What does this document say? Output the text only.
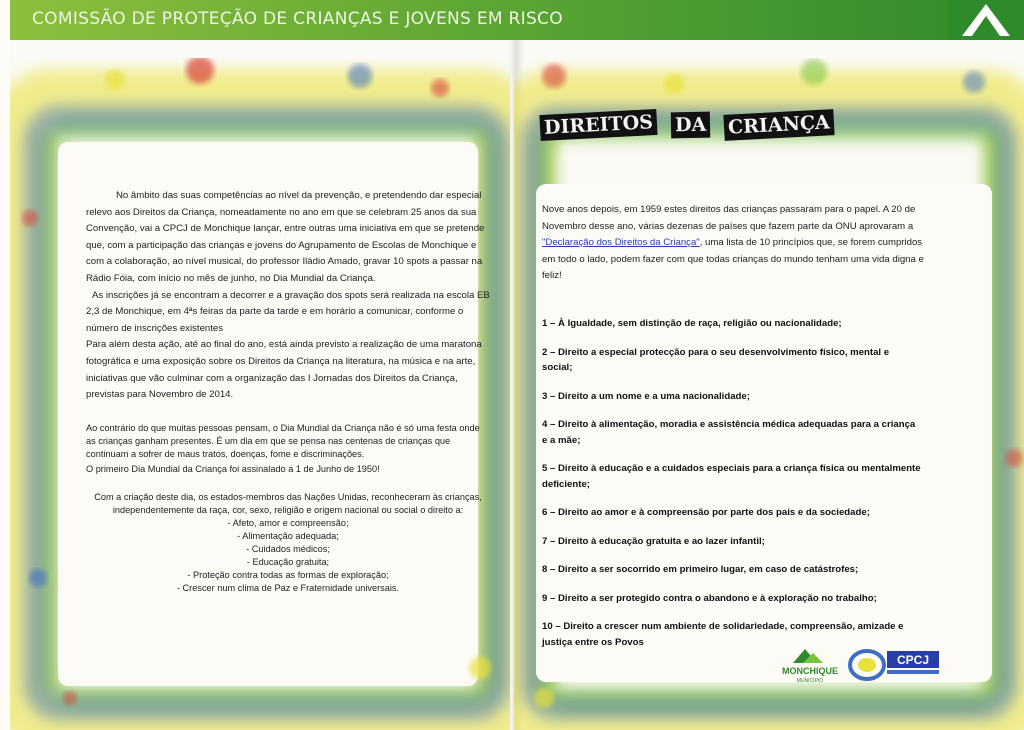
COMISSÃO DE PROTEÇÃO DE CRIANÇAS E JOVENS EM RISCO
DIREITOS DA CRIANÇA

No âmbito das suas competências ao nível da prevenção, e pretendendo dar especial relevo aos Direitos da Criança, nomeadamente no ano em que se celebram 25 anos da sua Convenção, vai a CPCJ de Monchique lançar, entre outras uma iniciativa em que se pretende que, com a participação das crianças e jovens do Agrupamento de Escolas de Monchique e com a colaboração, ao nível musical, do professor Iládio Amado, gravar 10 spots a passar na Rádio Fóia, com início no mês de junho, no Dia Mundial da Criança.

As inscrições já se encontram a decorrer e a gravação dos spots será realizada na escola EB 2,3 de Monchique, em 4ªs feiras da parte da tarde e em horário a comunicar, conforme o número de inscrições existentes

Para além desta ação, até ao final do ano, está ainda previsto a realização de uma maratona fotográfica e uma exposição sobre os Direitos da Criança na literatura, na música e na arte, iniciativas que vão culminar com a organização das I Jornadas dos Direitos da Criança, previstas para Novembro de 2014.

Ao contrário do que muitas pessoas pensam, o Dia Mundial da Criança não é só uma festa onde as crianças ganham presentes. É um dia em que se pensa nas centenas de crianças que continuam a sofrer de maus tratos, doenças, fome e discriminações.

O primeiro Dia Mundial da Criança foi assinalado a 1 de Junho de 1950!

Com a criação deste dia, os estados-membros das Nações Unidas, reconheceram às crianças, independentemente da raça, cor, sexo, religião e origem nacional ou social o direito a:

- Afeto, amor e compreensão;
- Alimentação adequada;
- Cuidados médicos;
- Educação gratuita;
- Proteção contra todas as formas de exploração;
- Crescer num clima de Paz e Fraternidade universais.
Nove anos depois, em 1959 estes direitos das crianças passaram para o papel. A 20 de Novembro desse ano, várias dezenas de países que fazem parte da ONU aprovaram a "Declaração dos Direitos da Criança", uma lista de 10 princípios que, se forem cumpridos em todo o lado, podem fazer com que todas crianças do mundo tenham uma vida digna e feliz!
1 – À Igualdade, sem distinção de raça, religião ou nacionalidade;
2 – Direito a especial protecção para o seu desenvolvimento físico, mental e social;
3 – Direito a um nome e a uma nacionalidade;
4 – Direito à alimentação, moradia e assistência médica adequadas para a criança e a mãe;
5 – Direito à educação e a cuidados especiais para a criança física ou mentalmente deficiente;
6 – Direito ao amor e à compreensão por parte dos pais e da sociedade;
7 – Direito à educação gratuita e ao lazer infantil;
8 – Direito a ser socorrido em primeiro lugar, em caso de catástrofes;
9 – Direito a ser protegido contra o abandono e à exploração no trabalho;
10 – Direito a crescer num ambiente de solidariedade, compreensão, amizade e justiça entre os Povos
MONCHIQUE
MUNICÍPIO
CPCJ
